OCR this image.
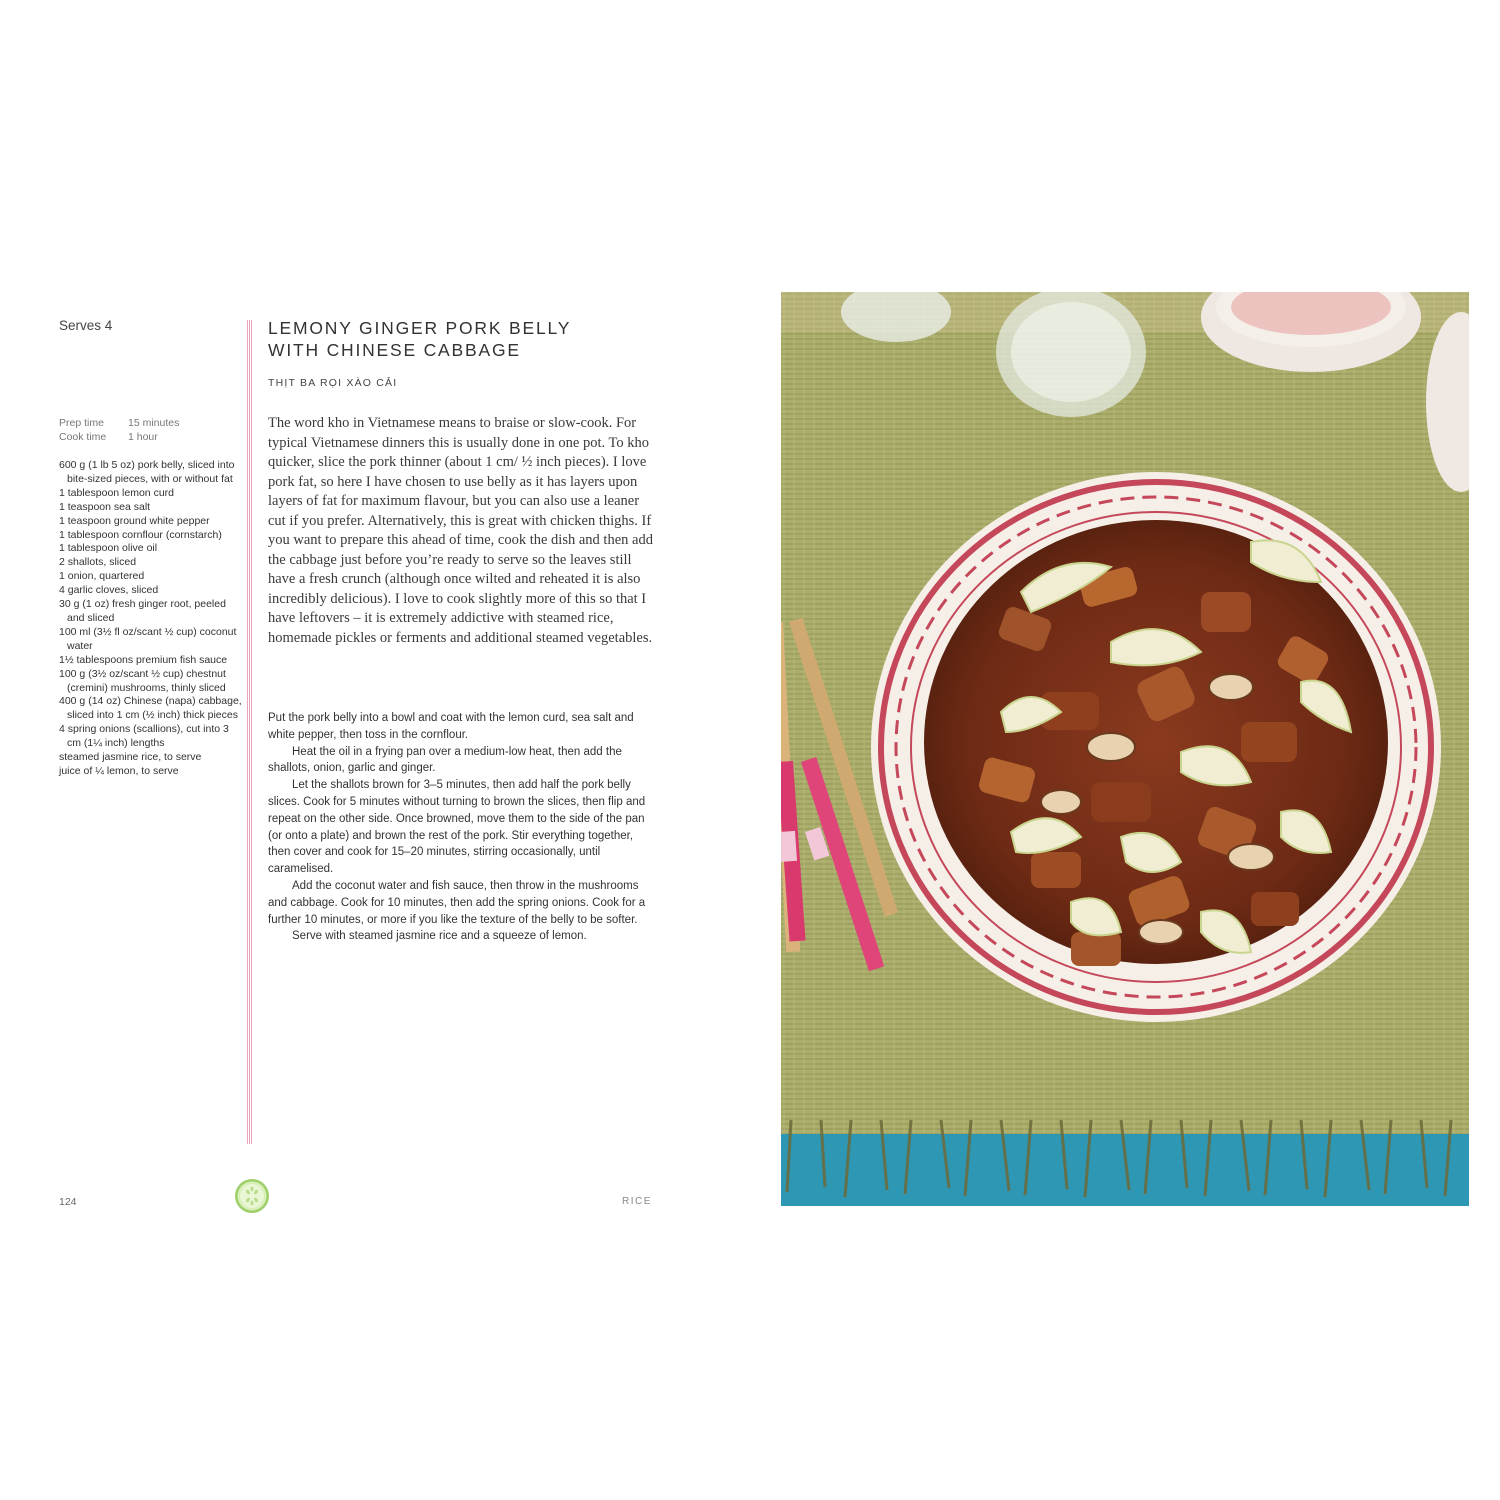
Serves 4
Prep time 15 minutes
Cook time 1 hour
600 g (1 lb 5 oz) pork belly, sliced into bite-sized pieces, with or without fat
1 tablespoon lemon curd
1 teaspoon sea salt
1 teaspoon ground white pepper
1 tablespoon cornflour (cornstarch)
1 tablespoon olive oil
2 shallots, sliced
1 onion, quartered
4 garlic cloves, sliced
30 g (1 oz) fresh ginger root, peeled and sliced
100 ml (3½ fl oz/scant ½ cup) coconut water
1½ tablespoons premium fish sauce
100 g (3½ oz/scant ½ cup) chestnut (cremini) mushrooms, thinly sliced
400 g (14 oz) Chinese (napa) cabbage, sliced into 1 cm (½ inch) thick pieces
4 spring onions (scallions), cut into 3 cm (1¼ inch) lengths
steamed jasmine rice, to serve
juice of ¼ lemon, to serve
LEMONY GINGER PORK BELLY
WITH CHINESE CABBAGE
THỊT BA RỌI XÀO CẢI
The word kho in Vietnamese means to braise or slow-cook. For typical Vietnamese dinners this is usually done in one pot. To kho quicker, slice the pork thinner (about 1 cm/ ½ inch pieces). I love pork fat, so here I have chosen to use belly as it has layers upon layers of fat for maximum flavour, but you can also use a leaner cut if you prefer. Alternatively, this is great with chicken thighs. If you want to prepare this ahead of time, cook the dish and then add the cabbage just before you’re ready to serve so the leaves still have a fresh crunch (although once wilted and reheated it is also incredibly delicious). I love to cook slightly more of this so that I have leftovers – it is extremely addictive with steamed rice, homemade pickles or ferments and additional steamed vegetables.

Put the pork belly into a bowl and coat with the lemon curd, sea salt and white pepper, then toss in the cornflour.

Heat the oil in a frying pan over a medium-low heat, then add the shallots, onion, garlic and ginger.

Let the shallots brown for 3–5 minutes, then add half the pork belly slices. Cook for 5 minutes without turning to brown the slices, then flip and repeat on the other side. Once browned, move them to the side of the pan (or onto a plate) and brown the rest of the pork. Stir everything together, then cover and cook for 15–20 minutes, stirring occasionally, until caramelised.

Add the coconut water and fish sauce, then throw in the mushrooms and cabbage. Cook for 10 minutes, then add the spring onions. Cook for a further 10 minutes, or more if you like the texture of the belly to be softer.

Serve with steamed jasmine rice and a squeeze of lemon.

124	RICE
